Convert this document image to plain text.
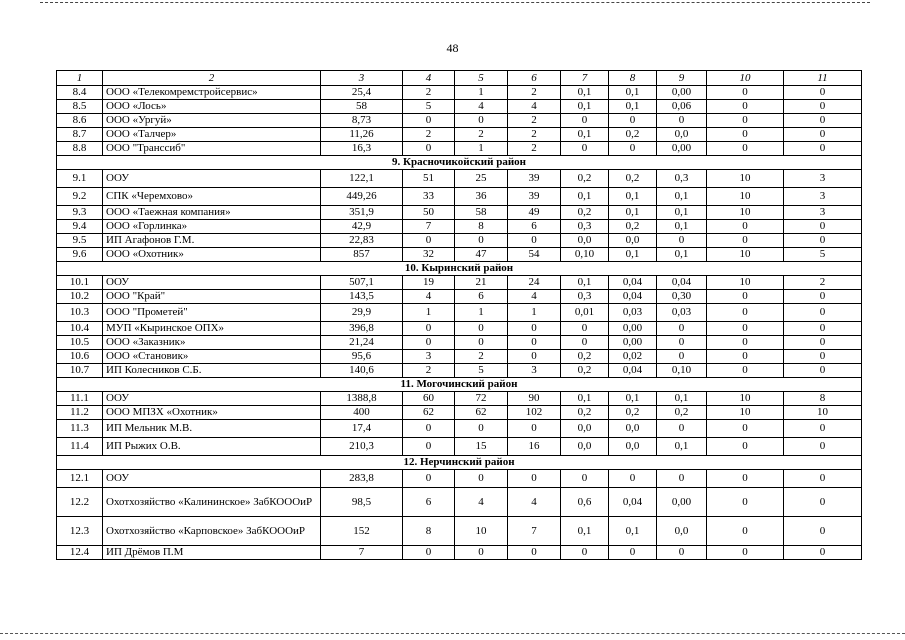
48
1	2	3	4	5	6	7	8	9	10	11
8.4	ООО «Телекомремстройсервис»	25,4	2	1	2	0,1	0,1	0,00	0	0
8.5	ООО «Лось»	58	5	4	4	0,1	0,1	0,06	0	0
8.6	ООО «Ургуй»	8,73	0	0	2	0	0	0	0	0
8.7	ООО «Талчер»	11,26	2	2	2	0,1	0,2	0,0	0	0
8.8	ООО "Транссиб"	16,3	0	1	2	0	0	0,00	0	0
9. Красночикойский район										
9.1	ООУ	122,1	51	25	39	0,2	0,2	0,3	10	3
9.2	СПК «Черемхово»	449,26	33	36	39	0,1	0,1	0,1	10	3
9.3	ООО «Таежная компания»	351,9	50	58	49	0,2	0,1	0,1	10	3
9.4	ООО «Горлинка»	42,9	7	8	6	0,3	0,2	0,1	0	0
9.5	ИП Агафонов Г.М.	22,83	0	0	0	0,0	0,0	0	0	0
9.6	ООО «Охотник»	857	32	47	54	0,10	0,1	0,1	10	5
10. Кыринский район										
10.1	ООУ	507,1	19	21	24	0,1	0,04	0,04	10	2
10.2	ООО "Край"	143,5	4	6	4	0,3	0,04	0,30	0	0
10.3	ООО "Прометей"	29,9	1	1	1	0,01	0,03	0,03	0	0
10.4	МУП «Кыринское ОПХ»	396,8	0	0	0	0	0,00	0	0	0
10.5	ООО «Заказник»	21,24	0	0	0	0	0,00	0	0	0
10.6	ООО «Становик»	95,6	3	2	0	0,2	0,02	0	0	0
10.7	ИП Колесников С.Б.	140,6	2	5	3	0,2	0,04	0,10	0	0
11. Могочинский район										
11.1	ООУ	1388,8	60	72	90	0,1	0,1	0,1	10	8
11.2	ООО МПЗХ «Охотник»	400	62	62	102	0,2	0,2	0,2	10	10
11.3	ИП Мельник М.В.	17,4	0	0	0	0,0	0,0	0	0	0
11.4	ИП Рыжих О.В.	210,3	0	15	16	0,0	0,0	0,1	0	0
12. Нерчинский район										
12.1	ООУ	283,8	0	0	0	0	0	0	0	0
12.2	Охотхозяйство «Калининское» ЗабКОООиР	98,5	6	4	4	0,6	0,04	0,00	0	0
12.3	Охотхозяйство «Карповское» ЗабКОООиР	152	8	10	7	0,1	0,1	0,0	0	0
12.4	ИП Дрёмов П.М	7	0	0	0	0	0	0	0	0
